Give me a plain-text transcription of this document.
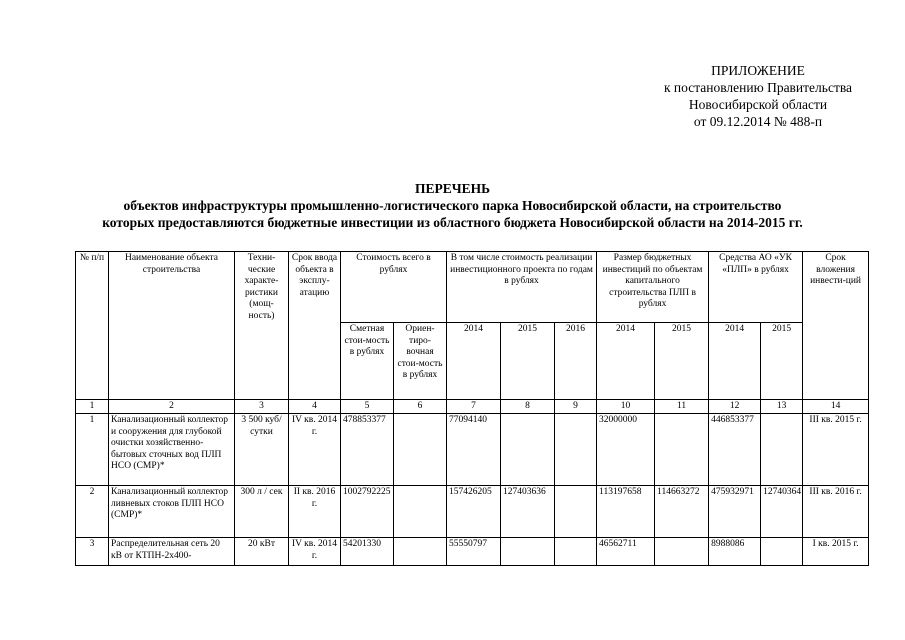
ПРИЛОЖЕНИЕ
к постановлению Правительства
Новосибирской области
от 09.12.2014 № 488-п
ПЕРЕЧЕНЬ
объектов инфраструктуры промышленно-логистического парка Новосибирской области, на строительство
которых предоставляются бюджетные инвестиции из областного бюджета Новосибирской области на 2014-2015 гг.
№ п/п	Наименование объекта строительства	Техни-ческие характе-ристики (мощ-ность)	Срок ввода объекта в эксплу-атацию	Стоимость всего в рублях		В том числе стоимость реализации инвестиционного проекта по годам в рублях			Размер бюджетных инвестиций по объектам капитального строительства ПЛП в рублях		Средства АО «УК «ПЛП» в рублях		Срок вложения инвести-ций
				Сметная стои-мость в рублях	Ориен-тиро-вочная стои-мость в рублях	2014	2015	2016	2014	2015	2014	2015	
1	2	3	4	5	6	7	8	9	10	11	12	13	14
1	Канализационный коллектор и сооружения для глубокой очистки хозяйственно-бытовых сточных вод ПЛП НСО (СМР)*	3 500 куб/ сутки	IV кв. 2014 г.	478853377		77094140			32000000		446853377		III кв. 2015 г.
2	Канализационный коллектор ливневых стоков ПЛП НСО (СМР)*	300 л / сек	II кв. 2016 г.	1002792225		157426205	127403636		113197658	114663272	475932971	12740364	III кв. 2016 г.
3	Распределительная сеть 20 кВ от КТПН-2х400-	20 кВт	IV кв. 2014 г.	54201330		55550797			46562711		8988086		I кв. 2015 г.
